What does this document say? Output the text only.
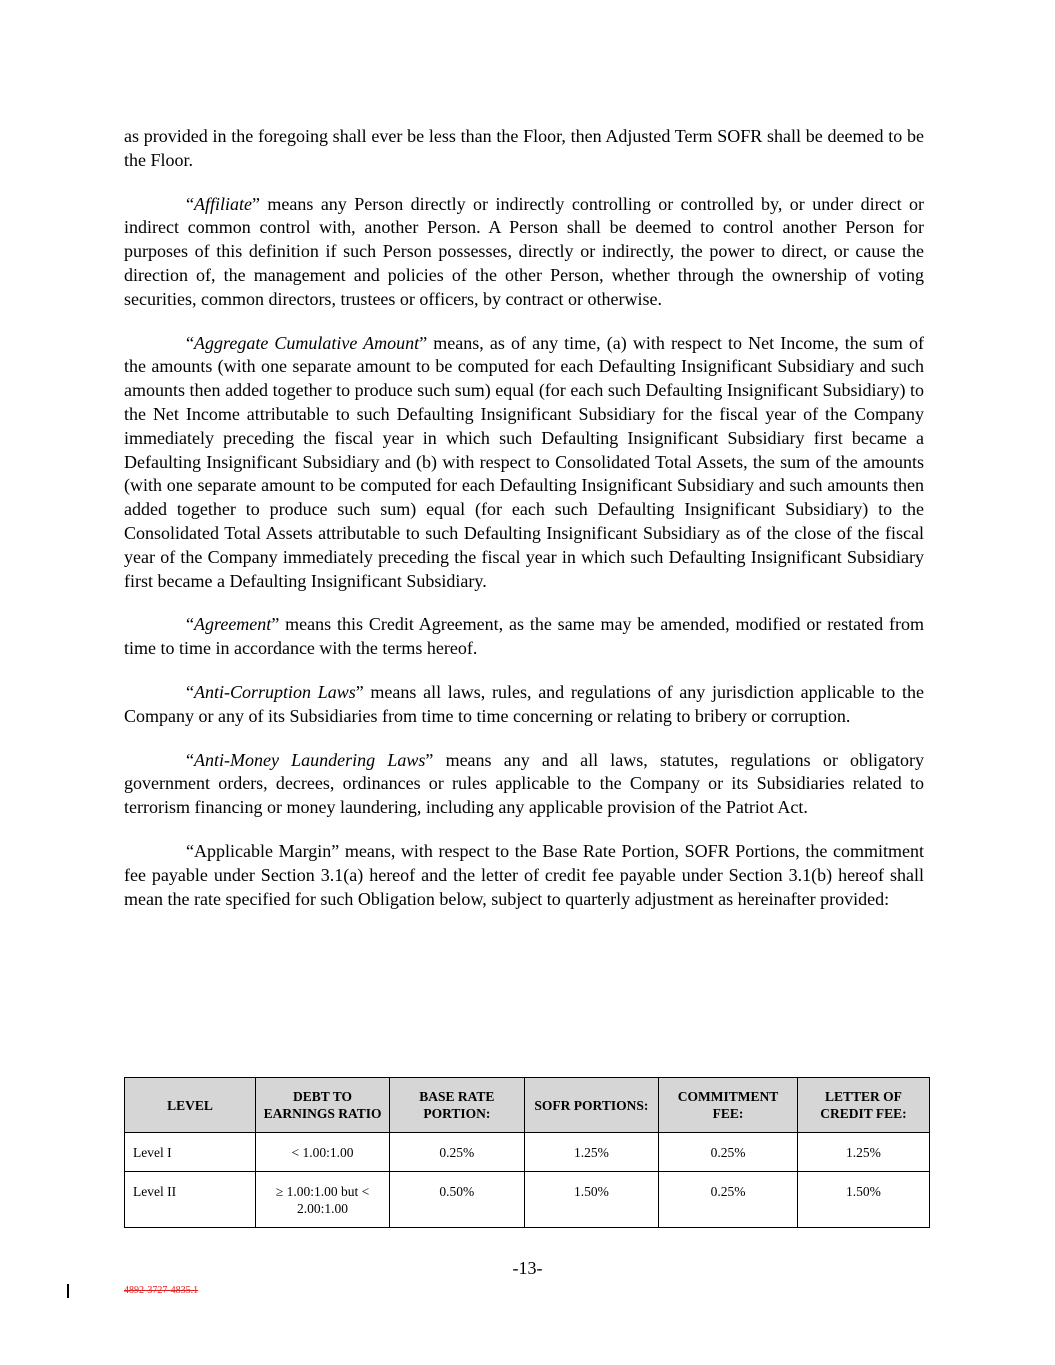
as provided in the foregoing shall ever be less than the Floor, then Adjusted Term SOFR shall be deemed to be the Floor.

“Affiliate” means any Person directly or indirectly controlling or controlled by, or under direct or indirect common control with, another Person. A Person shall be deemed to control another Person for purposes of this definition if such Person possesses, directly or indirectly, the power to direct, or cause the direction of, the management and policies of the other Person, whether through the ownership of voting securities, common directors, trustees or officers, by contract or otherwise.

“Aggregate Cumulative Amount” means, as of any time, (a) with respect to Net Income, the sum of the amounts (with one separate amount to be computed for each Defaulting Insignificant Subsidiary and such amounts then added together to produce such sum) equal (for each such Defaulting Insignificant Subsidiary) to the Net Income attributable to such Defaulting Insignificant Subsidiary for the fiscal year of the Company immediately preceding the fiscal year in which such Defaulting Insignificant Subsidiary first became a Defaulting Insignificant Subsidiary and (b) with respect to Consolidated Total Assets, the sum of the amounts (with one separate amount to be computed for each Defaulting Insignificant Subsidiary and such amounts then added together to produce such sum) equal (for each such Defaulting Insignificant Subsidiary) to the Consolidated Total Assets attributable to such Defaulting Insignificant Subsidiary as of the close of the fiscal year of the Company immediately preceding the fiscal year in which such Defaulting Insignificant Subsidiary first became a Defaulting Insignificant Subsidiary.

“Agreement” means this Credit Agreement, as the same may be amended, modified or restated from time to time in accordance with the terms hereof.

“Anti-Corruption Laws” means all laws, rules, and regulations of any jurisdiction applicable to the Company or any of its Subsidiaries from time to time concerning or relating to bribery or corruption.

“Anti-Money Laundering Laws” means any and all laws, statutes, regulations or obligatory government orders, decrees, ordinances or rules applicable to the Company or its Subsidiaries related to terrorism financing or money laundering, including any applicable provision of the Patriot Act.

“Applicable Margin” means, with respect to the Base Rate Portion, SOFR Portions, the commitment fee payable under Section 3.1(a) hereof and the letter of credit fee payable under Section 3.1(b) hereof shall mean the rate specified for such Obligation below, subject to quarterly adjustment as hereinafter provided:

LEVEL	DEBT TO EARNINGS RATIO	BASE RATE PORTION:	SOFR PORTIONS:	COMMITMENT FEE:	LETTER OF CREDIT FEE:
Level I	< 1.00:1.00	0.25%	1.25%	0.25%	1.25%
Level II	≥ 1.00:1.00 but < 2.00:1.00	0.50%	1.50%	0.25%	1.50%
-13-
4892-3727-4835.1
